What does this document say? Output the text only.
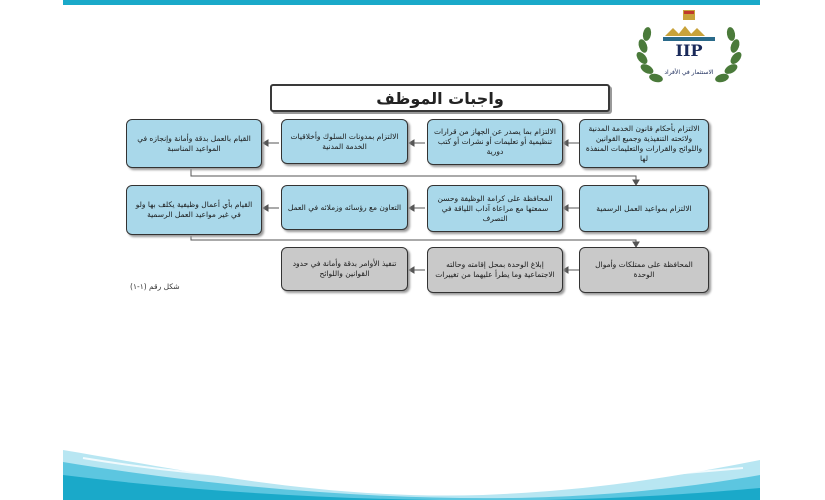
IIP
الاستثمار في الأفراد
واجبات الموظف
الالتزام بأحكام قانون الخدمة المدنية ولائحته التنفيذية وجميع القوانين واللوائح والقرارات والتعليمات المنفذة لها
الالتزام بما يصدر عن الجهاز من قرارات تنظيمية أو تعليمات أو نشرات أو كتب دورية
الالتزام بمدونات السلوك وأخلاقيات الخدمة المدنية
القيام بالعمل بدقة وأمانة وإنجازه في المواعيد المناسبة
الالتزام بمواعيد العمل الرسمية
المحافظة على كرامة الوظيفة وحسن سمعتها مع مراعاة آداب اللياقة في التصرف
التعاون مع رؤسائه وزملائه في العمل
القيام بأي أعمال وظيفية يكلف بها ولو في غير مواعيد العمل الرسمية
المحافظة على ممتلكات وأموال الوحدة
إبلاغ الوحدة بمحل إقامته وحالته الاجتماعية وما يطرأ عليهما من تغييرات
تنفيذ الأوامر بدقة وأمانة في حدود القوانين واللوائح
شكل رقم (١-١)
